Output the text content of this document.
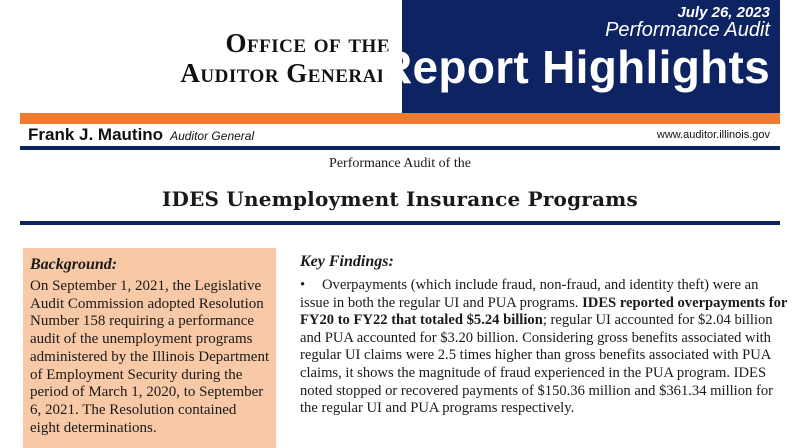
Office of the
Auditor General
July 26, 2023
Performance Audit
Report Highlights
Frank J. Mautino Auditor General	www.auditor.illinois.gov
Performance Audit of the
IDES Unemployment Insurance Programs
Background:
On September 1, 2021, the Legislative Audit Commission adopted Resolution Number 158 requiring a performance audit of the unemployment programs administered by the Illinois Department of Employment Security during the period of March 1, 2020, to September 6, 2021. The Resolution contained eight determinations.
Key Findings:
• Overpayments (which include fraud, non-fraud, and identity theft) were an issue in both the regular UI and PUA programs. IDES reported overpayments for FY20 to FY22 that totaled $5.24 billion; regular UI accounted for $2.04 billion and PUA accounted for $3.20 billion. Considering gross benefits associated with regular UI claims were 2.5 times higher than gross benefits associated with PUA claims, it shows the magnitude of fraud experienced in the PUA program. IDES noted stopped or recovered payments of $150.36 million and $361.34 million for the regular UI and PUA programs respectively.
